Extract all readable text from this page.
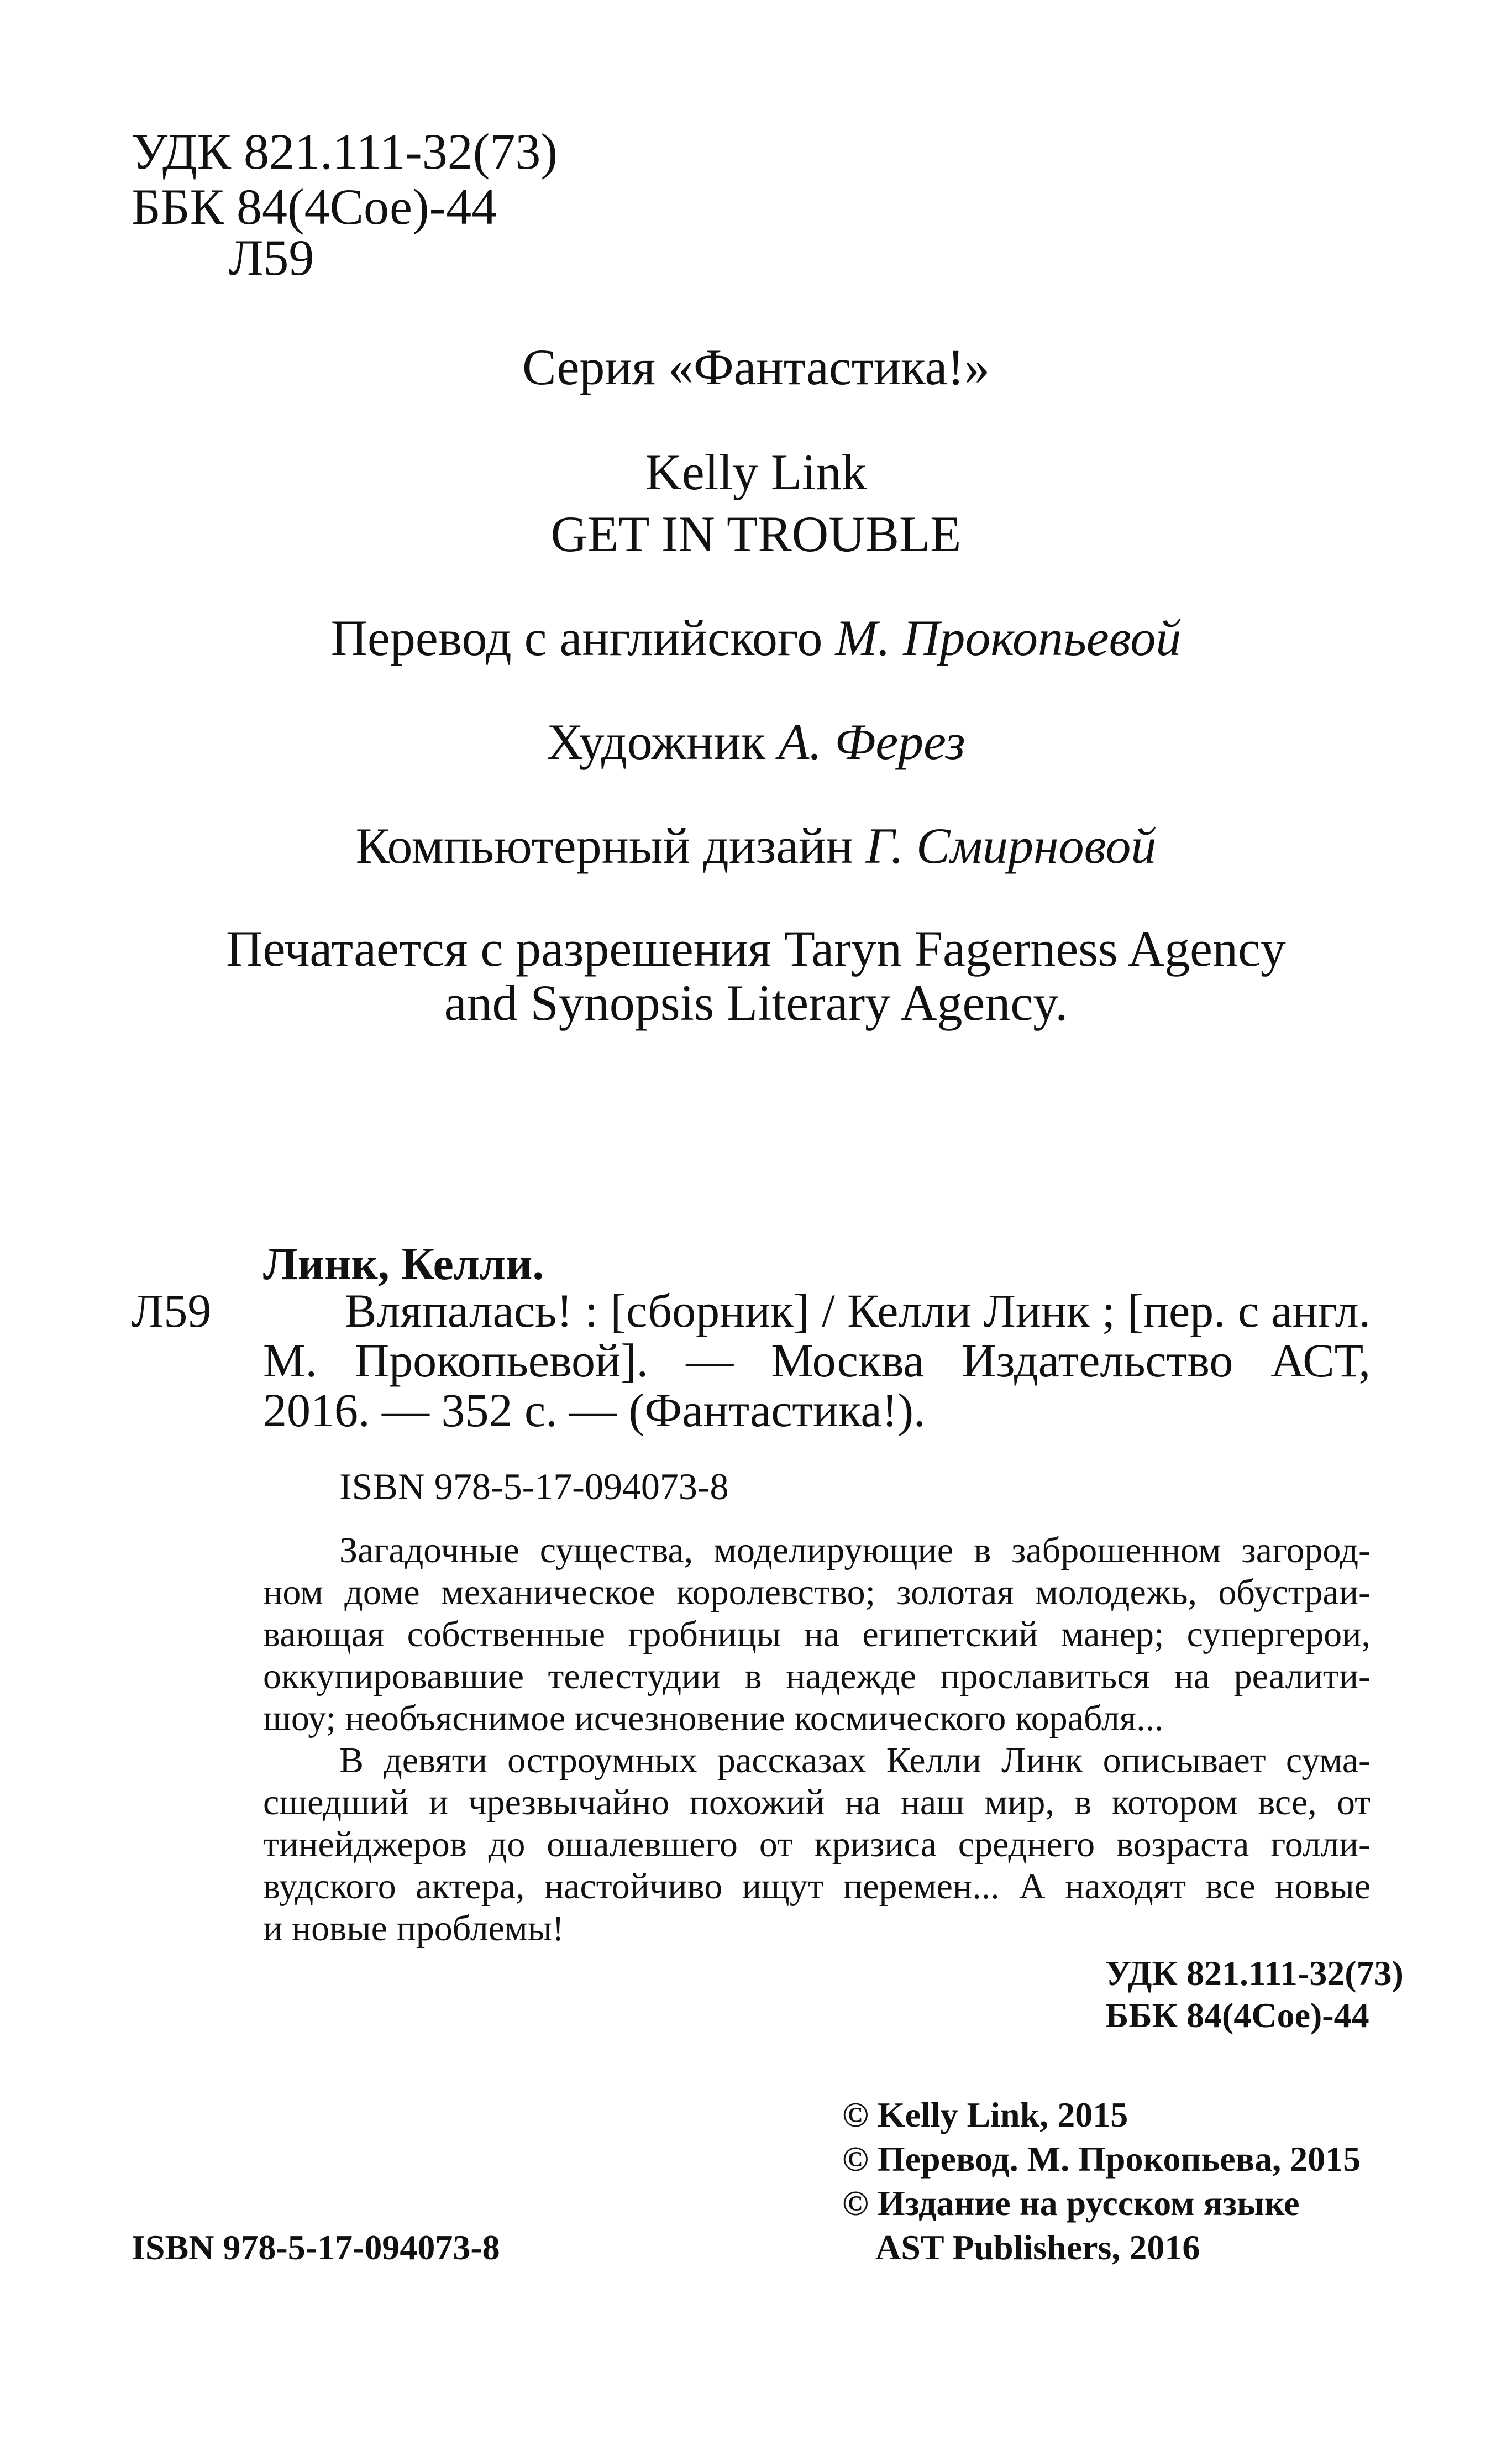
УДК 821.111-32(73)
ББК 84(4Сое)-44
Л59
Серия «Фантастика!»
Kelly Link
GET IN TROUBLE
Перевод с английского М. Прокопьевой
Художник А. Ферез
Компьютерный дизайн Г. Смирновой
Печатается с разрешения Taryn Fagerness Agency
and Synopsis Literary Agency.
Линк, Келли.
Л59	Вляпалась! : [сборник] / Келли Линк ; [пер. с англ.
М. Прокопьевой]. — Москва Издательство АСТ,
2016. — 352 с. — (Фантастика!).
ISBN 978-5-17-094073-8
Загадочные существа, моделирующие в заброшенном загород-
ном доме механическое королевство; золотая молодежь, обустраи-
вающая собственные гробницы на египетский манер; супергерои,
оккупировавшие телестудии в надежде прославиться на реалити-
шоу; необъяснимое исчезновение космического корабля...
В девяти остроумных рассказах Келли Линк описывает сума-
сшедший и чрезвычайно похожий на наш мир, в котором все, от
тинейджеров до ошалевшего от кризиса среднего возраста голли-
вудского актера, настойчиво ищут перемен... А находят все новые
и новые проблемы!
УДК 821.111-32(73)
ББК 84(4Сое)-44
© Kelly Link, 2015
© Перевод. М. Прокопьева, 2015
© Издание на русском языке
AST Publishers, 2016
ISBN 978-5-17-094073-8
